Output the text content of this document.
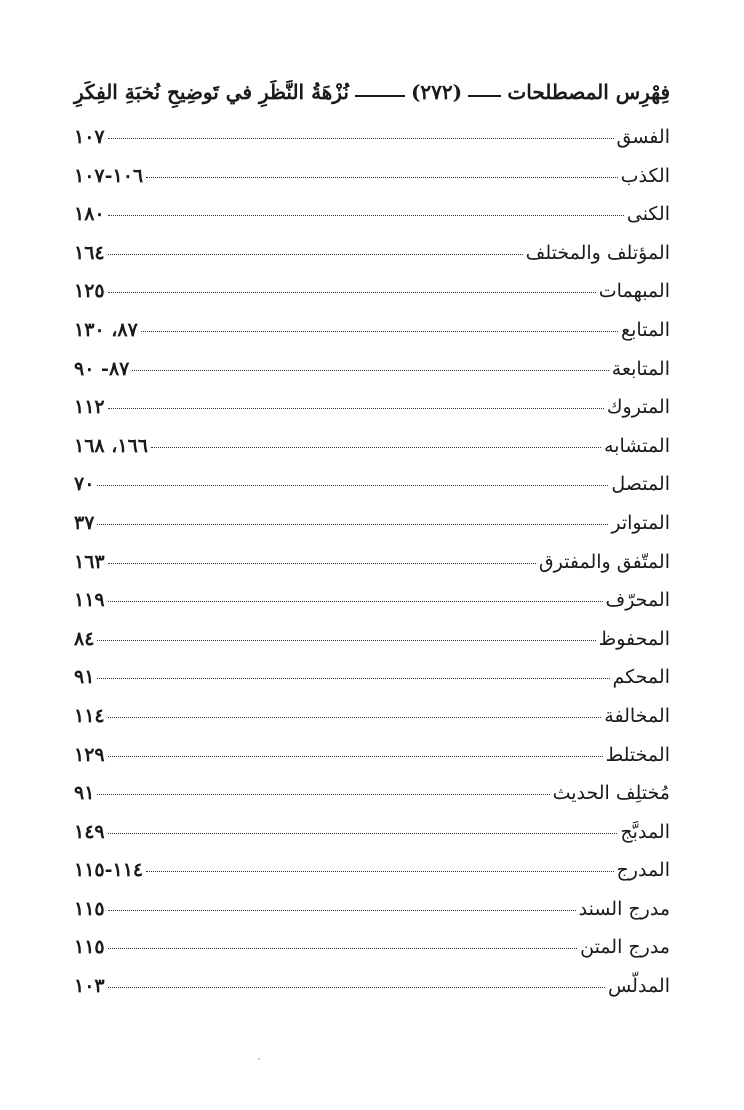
فِهْرِس المصطلحات
(٢٧٢)
نُزْهَةُ النَّظَرِ في تَوضِيحِ نُخبَةِ الفِكَرِ
الفسق
١٠٧
الكذب
١٠٦-١٠٧
الكنى
١٨٠
المؤتلف والمختلف
١٦٤
المبهمات
١٢٥
المتابع
٨٧، ١٣٠
المتابعة
٨٧- ٩٠
المتروك
١١٢
المتشابه
١٦٦، ١٦٨
المتصل
٧٠
المتواتر
٣٧
المتّفق والمفترق
١٦٣
المحرّف
١١٩
المحفوظ
٨٤
المحكم
٩١
المخالفة
١١٤
المختلط
١٢٩
مُختلِف الحديث
٩١
المدبَّج
١٤٩
المدرج
١١٤-١١٥
مدرج السند
١١٥
مدرج المتن
١١٥
المدلّس
١٠٣
